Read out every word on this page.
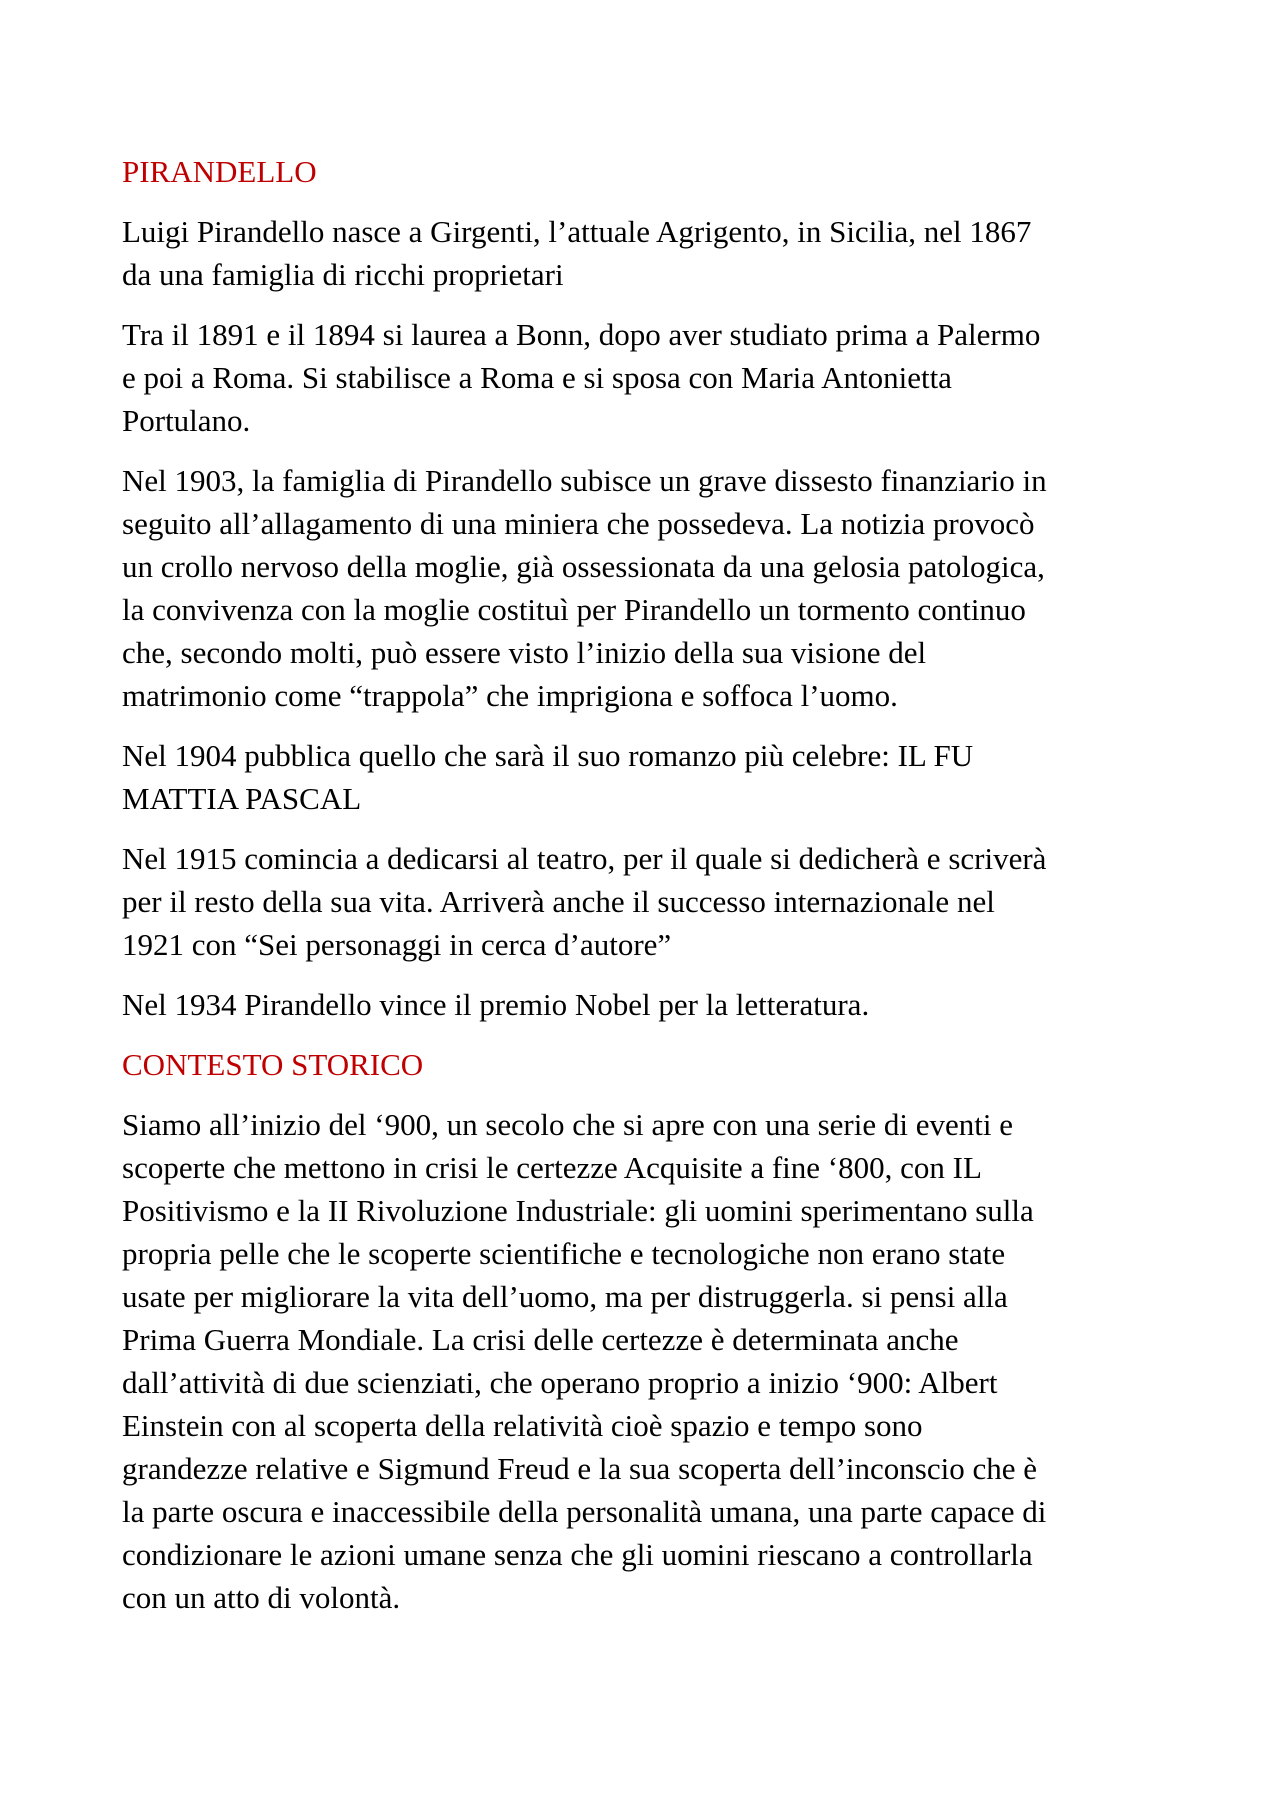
PIRANDELLO

Luigi Pirandello nasce a Girgenti, l’attuale Agrigento, in Sicilia, nel 1867
da una famiglia di ricchi proprietari

Tra il 1891 e il 1894 si laurea a Bonn, dopo aver studiato prima a Palermo
e poi a Roma. Si stabilisce a Roma e si sposa con Maria Antonietta
Portulano.

Nel 1903, la famiglia di Pirandello subisce un grave dissesto finanziario in
seguito all’allagamento di una miniera che possedeva. La notizia provocò
un crollo nervoso della moglie, già ossessionata da una gelosia patologica,
la convivenza con la moglie costituì per Pirandello un tormento continuo
che, secondo molti, può essere visto l’inizio della sua visione del
matrimonio come “trappola” che imprigiona e soffoca l’uomo.

Nel 1904 pubblica quello che sarà il suo romanzo più celebre: IL FU
MATTIA PASCAL

Nel 1915 comincia a dedicarsi al teatro, per il quale si dedicherà e scriverà
per il resto della sua vita. Arriverà anche il successo internazionale nel
1921 con “Sei personaggi in cerca d’autore”

Nel 1934 Pirandello vince il premio Nobel per la letteratura.

CONTESTO STORICO

Siamo all’inizio del ‘900, un secolo che si apre con una serie di eventi e
scoperte che mettono in crisi le certezze Acquisite a fine ‘800, con IL
Positivismo e la II Rivoluzione Industriale: gli uomini sperimentano sulla
propria pelle che le scoperte scientifiche e tecnologiche non erano state
usate per migliorare la vita dell’uomo, ma per distruggerla. si pensi alla
Prima Guerra Mondiale. La crisi delle certezze è determinata anche
dall’attività di due scienziati, che operano proprio a inizio ‘900: Albert
Einstein con al scoperta della relatività cioè spazio e tempo sono
grandezze relative e Sigmund Freud e la sua scoperta dell’inconscio che è
la parte oscura e inaccessibile della personalità umana, una parte capace di
condizionare le azioni umane senza che gli uomini riescano a controllarla
con un atto di volontà.
